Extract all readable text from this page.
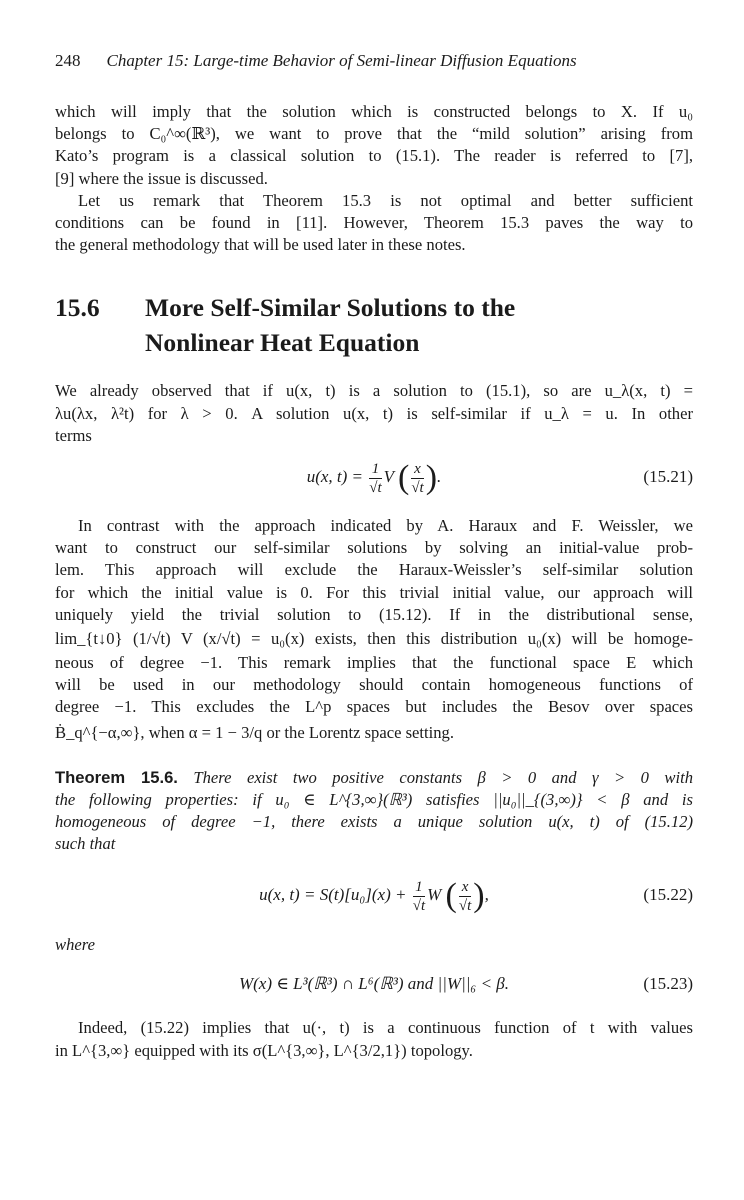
248 Chapter 15: Large-time Behavior of Semi-linear Diffusion Equations
which will imply that the solution which is constructed belongs to X. If u₀
belongs to C₀^∞(ℝ³), we want to prove that the “mild solution” arising from
Kato’s program is a classical solution to (15.1). The reader is referred to [7],
[9] where the issue is discussed.
Let us remark that Theorem 15.3 is not optimal and better sufficient
conditions can be found in [11]. However, Theorem 15.3 paves the way to
the general methodology that will be used later in these notes.
15.6	More Self-Similar Solutions to the
Nonlinear Heat Equation
We already observed that if u(x, t) is a solution to (15.1), so are u_λ(x, t) =
λu(λx, λ²t) for λ > 0. A solution u(x, t) is self-similar if u_λ = u. In other
terms
u(x, $t) = \frac{1}{√t}$ V ( $\frac{x}{√t}$ ).	(15.21)
In contrast with the approach indicated by A. Haraux and F. Weissler, we
want to construct our self-similar solutions by solving an initial-value prob-
lem. This approach will exclude the Haraux-Weissler’s self-similar solution
for which the initial value is 0. For this trivial initial value, our approach will
uniquely yield the trivial solution to (15.12). If in the distributional sense,
lim_{t↓0} (1/√t) V (x/√t) = u₀(x) exists, then this distribution u₀(x) will be homoge-
neous of degree −1. This remark implies that the functional space E which
will be used in our methodology should contain homogeneous functions of
degree −1. This excludes the L^p spaces but includes the Besov over spaces
Ḃ_q^{−α,∞}, when α = 1 − 3/q or the Lorentz space setting.
Theorem 15.6. There exist two positive constants β > 0 and γ > 0 with
the following properties: if u₀ ∈ L^{3,∞}(ℝ³) satisfies ||u₀||_{(3,∞)} < β and is
homogeneous of degree −1, there exists a unique solution u(x, t) of (15.12)
such that
u(x, $t) = S(t)[u_0](x) + \frac{1}{√t}$ W ( $\frac{x}{√t}$ ),	(15.22)
where
W(x) ∈ L³(ℝ³) ∩ L⁶(ℝ³) and ||W||₆ < β.	(15.23)
Indeed, (15.22) implies that u(·, t) is a continuous function of t with values
in L^{3,∞} equipped with its σ(L^{3,∞}, L^{3/2,1}) topology.
